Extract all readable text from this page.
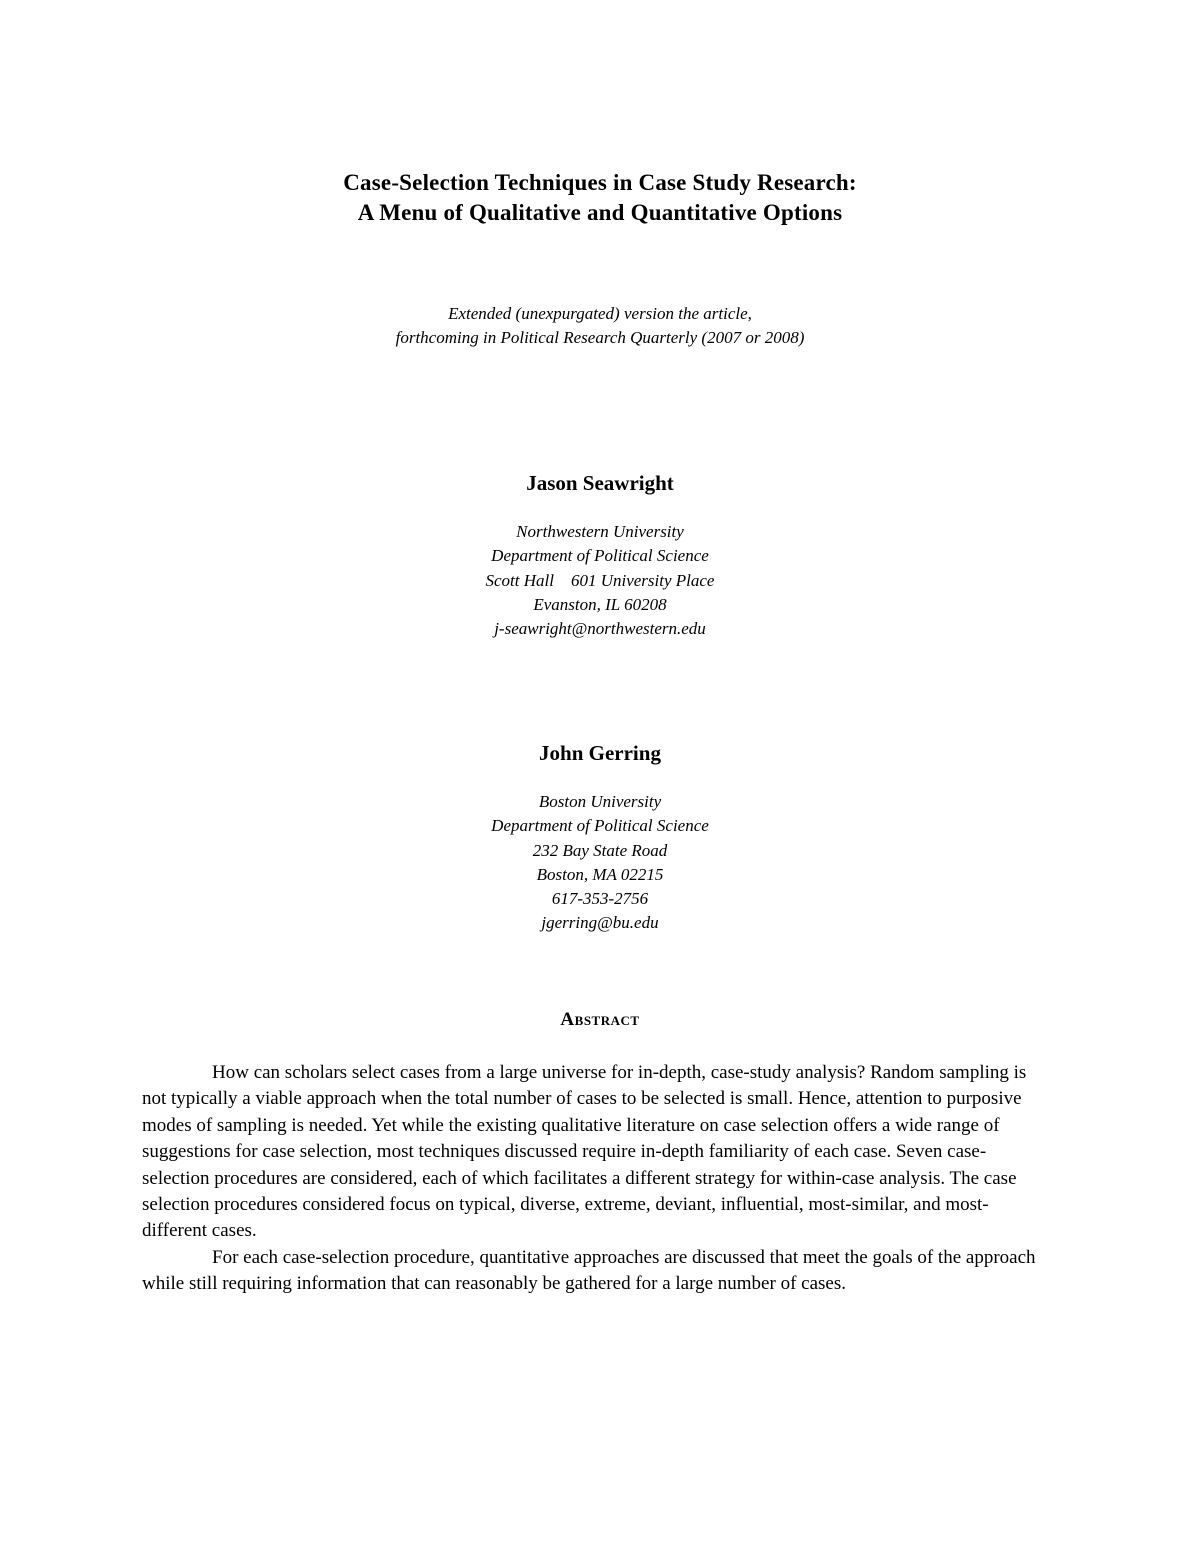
Case-Selection Techniques in Case Study Research:
A Menu of Qualitative and Quantitative Options
Extended (unexpurgated) version the article,
forthcoming in Political Research Quarterly (2007 or 2008)
Jason Seawright
Northwestern University
Department of Political Science
Scott Hall    601 University Place
Evanston, IL 60208
j-seawright@northwestern.edu
John Gerring
Boston University
Department of Political Science
232 Bay State Road
Boston, MA 02215
617-353-2756
jgerring@bu.edu
Abstract

How can scholars select cases from a large universe for in-depth, case-study analysis? Random sampling is not typically a viable approach when the total number of cases to be selected is small. Hence, attention to purposive modes of sampling is needed. Yet while the existing qualitative literature on case selection offers a wide range of suggestions for case selection, most techniques discussed require in-depth familiarity of each case. Seven case-selection procedures are considered, each of which facilitates a different strategy for within-case analysis. The case selection procedures considered focus on typical, diverse, extreme, deviant, influential, most-similar, and most-different cases.

For each case-selection procedure, quantitative approaches are discussed that meet the goals of the approach while still requiring information that can reasonably be gathered for a large number of cases.
